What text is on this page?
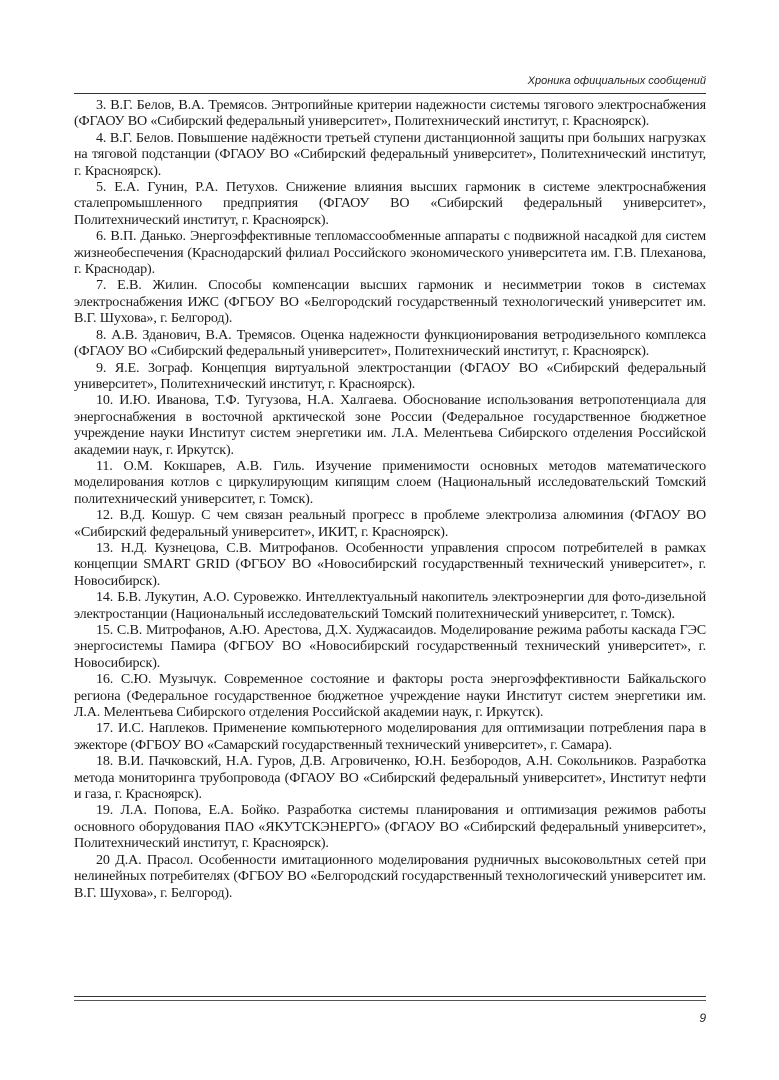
Хроника официальных сообщений

3. В.Г. Белов, В.А. Тремясов. Энтропийные критерии надежности системы тягового электроснабжения (ФГАОУ ВО «Сибирский федеральный университет», Политехнический институт, г. Красноярск).

4. В.Г. Белов. Повышение надёжности третьей ступени дистанционной защиты при больших нагрузках на тяговой подстанции (ФГАОУ ВО «Сибирский федеральный университет», Политехнический институт, г. Красноярск).

5. Е.А. Гунин, Р.А. Петухов. Снижение влияния высших гармоник в системе электроснабжения сталепромышленного предприятия (ФГАОУ ВО «Сибирский федеральный университет», Политехнический институт, г. Красноярск).

6. В.П. Данько. Энергоэффективные тепломассообменные аппараты с подвижной насадкой для систем жизнеобеспечения (Краснодарский филиал Российского экономического университета им. Г.В. Плеханова, г. Краснодар).

7. Е.В. Жилин. Способы компенсации высших гармоник и несимметрии токов в системах электроснабжения ИЖС (ФГБОУ ВО «Белгородский государственный технологический университет им. В.Г. Шухова», г. Белгород).

8. А.В. Зданович, В.А. Тремясов. Оценка надежности функционирования ветродизельного комплекса (ФГАОУ ВО «Сибирский федеральный университет», Политехнический институт, г. Красноярск).

9. Я.Е. Зограф. Концепция виртуальной электростанции (ФГАОУ ВО «Сибирский федеральный университет», Политехнический институт, г. Красноярск).

10. И.Ю. Иванова, Т.Ф. Тугузова, Н.А. Халгаева. Обоснование использования ветропотенциала для энергоснабжения в восточной арктической зоне России (Федеральное государственное бюджетное учреждение науки Институт систем энергетики им. Л.А. Мелентьева Сибирского отделения Российской академии наук, г. Иркутск).

11. О.М. Кокшарев, А.В. Гиль. Изучение применимости основных методов математического моделирования котлов с циркулирующим кипящим слоем (Национальный исследовательский Томский политехнический университет, г. Томск).

12. В.Д. Кошур. С чем связан реальный прогресс в проблеме электролиза алюминия (ФГАОУ ВО «Сибирский федеральный университет», ИКИТ, г. Красноярск).

13. Н.Д. Кузнецова, С.В. Митрофанов. Особенности управления спросом потребителей в рамках концепции SMART GRID (ФГБОУ ВО «Новосибирский государственный технический университет», г. Новосибирск).

14. Б.В. Лукутин, А.О. Суровежко. Интеллектуальный накопитель электроэнергии для фото-дизельной электростанции (Национальный исследовательский Томский политехнический университет, г. Томск).

15. С.В. Митрофанов, А.Ю. Арестова, Д.Х. Худжасаидов. Моделирование режима работы каскада ГЭС энергосистемы Памира (ФГБОУ ВО «Новосибирский государственный технический университет», г. Новосибирск).

16. С.Ю. Музычук. Современное состояние и факторы роста энергоэффективности Байкальского региона (Федеральное государственное бюджетное учреждение науки Институт систем энергетики им. Л.А. Мелентьева Сибирского отделения Российской академии наук, г. Иркутск).

17. И.С. Наплеков. Применение компьютерного моделирования для оптимизации потребления пара в эжекторе (ФГБОУ ВО «Самарский государственный технический университет», г. Самара).

18. В.И. Пачковский, Н.А. Гуров, Д.В. Агровиченко, Ю.Н. Безбородов, А.Н. Сокольников. Разработка метода мониторинга трубопровода (ФГАОУ ВО «Сибирский федеральный университет», Институт нефти и газа, г. Красноярск).

19. Л.А. Попова, Е.А. Бойко. Разработка системы планирования и оптимизация режимов работы основного оборудования ПАО «ЯКУТСКЭНЕРГО» (ФГАОУ ВО «Сибирский федеральный университет», Политехнический институт, г. Красноярск).

20 Д.А. Прасол. Особенности имитационного моделирования рудничных высоковольтных сетей при нелинейных потребителях (ФГБОУ ВО «Белгородский государственный технологический университет им. В.Г. Шухова», г. Белгород).

9
